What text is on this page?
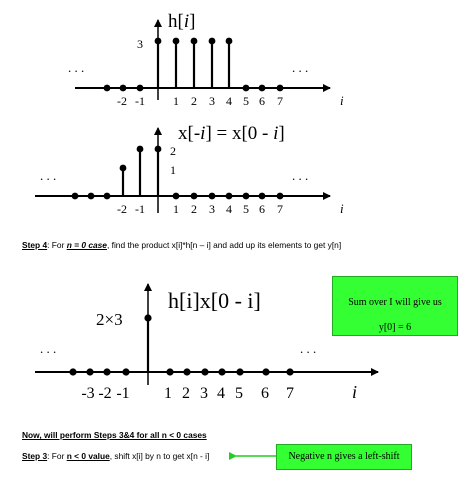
h[i]
3
. . .	. . .
-2 -1 1 2 3 4 5 6 7	i
x[-i] = x[0 - i]
2
1
. . .	. . .
-2 -1 1 2 3 4 5 6 7	i
h[i]x[0 - i]
2×3
. . .	. . .
-3 -2 -1 1 2 3 4 5 6 7	i
Step 4: For n = 0 case, find the product x[i]*h[n – i] and add up its elements to get y[n]
Sum over I will give us
y[0] = 6
Now, will perform Steps 3&4 for all n < 0 cases
Step 3: For n < 0 value, shift x[i] by n to get x[n - i]	Negative n gives a left-shift
